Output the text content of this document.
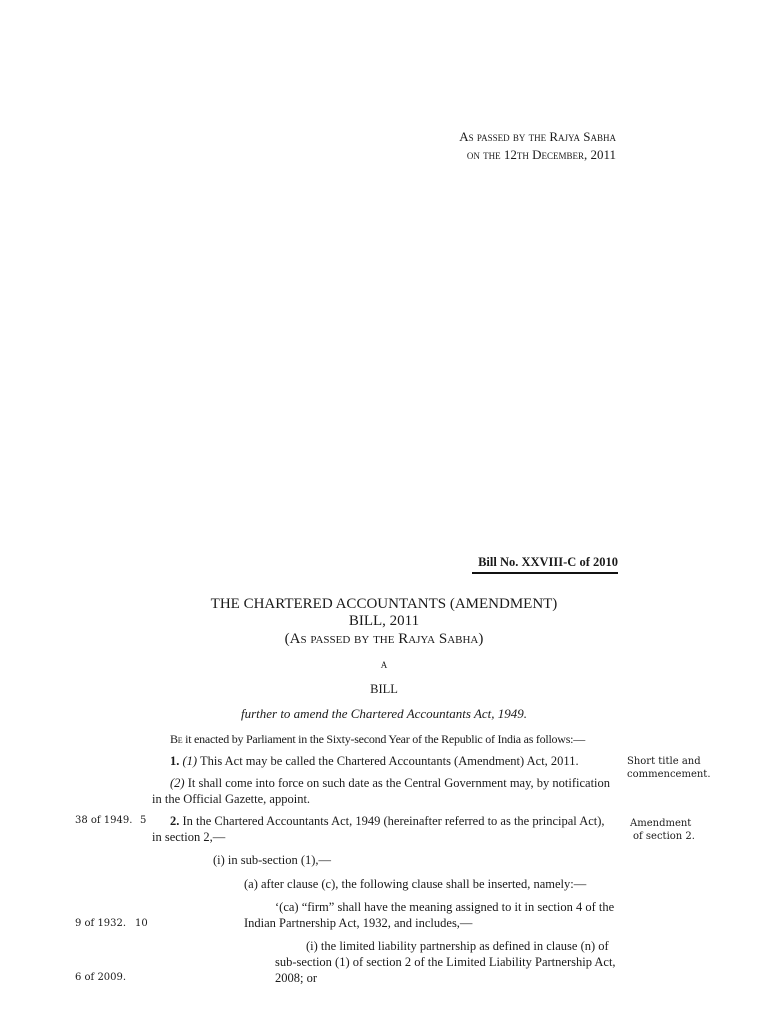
As passed by the Rajya Sabha
on the 12th December, 2011
Bill No. XXVIII-C of 2010
THE CHARTERED ACCOUNTANTS (AMENDMENT)
BILL, 2011
(As passed by the Rajya Sabha)
A
BILL
further to amend the Chartered Accountants Act, 1949.
Be it enacted by Parliament in the Sixty-second Year of the Republic of India as follows:—
1. (1) This Act may be called the Chartered Accountants (Amendment) Act, 2011.	Short title and
commencement.
(2) It shall come into force on such date as the Central Government may, by notification
in the Official Gazette, appoint.
38 of 1949. 5 2. In the Chartered Accountants Act, 1949 (hereinafter referred to as the principal Act),
in section 2,—
Amendment
of section 2.
(i) in sub-section (1),—
(a) after clause (c), the following clause shall be inserted, namely:—
9 of 1932. 10
‘(ca) “firm” shall have the meaning assigned to it in section 4 of the
Indian Partnership Act, 1932, and includes,—
(i) the limited liability partnership as defined in clause (n) of
sub-section (1) of section 2 of the Limited Liability Partnership Act,
2008; or
6 of 2009.
